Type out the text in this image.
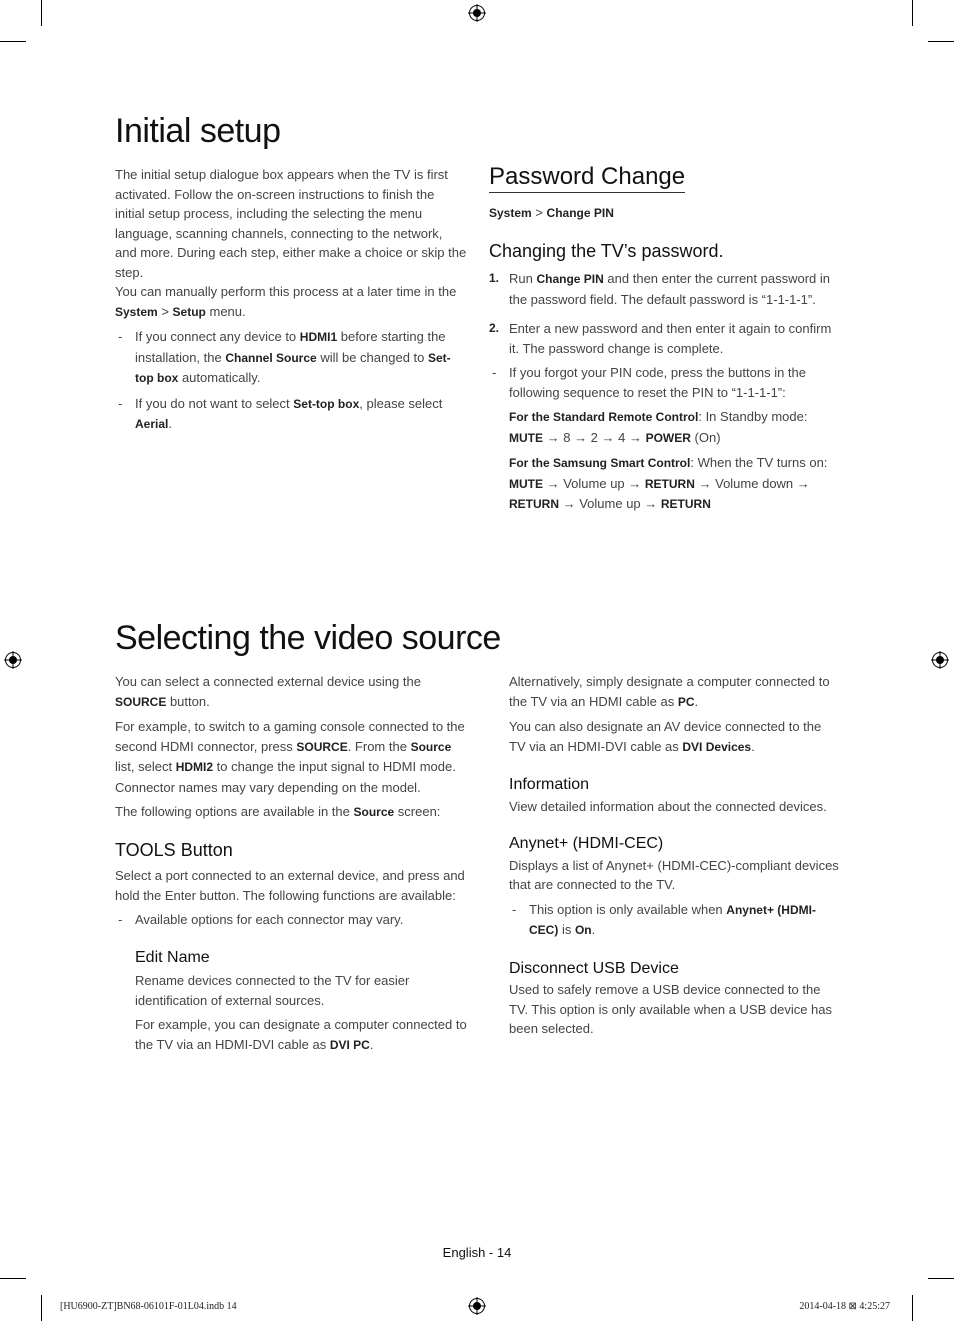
Initial setup

The initial setup dialogue box appears when the TV is first activated. Follow the on-screen instructions to finish the initial setup process, including the selecting the menu language, scanning channels, connecting to the network, and more. During each step, either make a choice or skip the step.
You can manually perform this process at a later time in the System > Setup menu.

- If you connect any device to HDMI1 before starting the installation, the Channel Source will be changed to Set-top box automatically.
- If you do not want to select Set-top box, please select Aerial.
Password Change

System > Change PIN

Changing the TV’s password.
1. Run Change PIN and then enter the current password in the password field. The default password is “1-1-1-1”.
2. Enter a new password and then enter it again to confirm it. The password change is complete.
- If you forgot your PIN code, press the buttons in the following sequence to reset the PIN to “1-1-1-1”:

For the Standard Remote Control: In Standby mode: MUTE → 8 → 2 → 4 → POWER (On)

For the Samsung Smart Control: When the TV turns on: MUTE → Volume up → RETURN → Volume down → RETURN → Volume up → RETURN

Selecting the video source

You can select a connected external device using the SOURCE button.

For example, to switch to a gaming console connected to the second HDMI connector, press SOURCE. From the Source list, select HDMI2 to change the input signal to HDMI mode. Connector names may vary depending on the model.

The following options are available in the Source screen:

TOOLS Button

Select a port connected to an external device, and press and hold the Enter button. The following functions are available:

- Available options for each connector may vary.
Edit Name

Rename devices connected to the TV for easier identification of external sources.

For example, you can designate a computer connected to the TV via an HDMI-DVI cable as DVI PC.

Alternatively, simply designate a computer connected to the TV via an HDMI cable as PC.

You can also designate an AV device connected to the TV via an HDMI-DVI cable as DVI Devices.

Information

View detailed information about the connected devices.

Anynet+ (HDMI-CEC)

Displays a list of Anynet+ (HDMI-CEC)-compliant devices that are connected to the TV.

- This option is only available when Anynet+ (HDMI-CEC) is On.
Disconnect USB Device

Used to safely remove a USB device connected to the TV. This option is only available when a USB device has been selected.

English - 14
[HU6900-ZT]BN68-06101F-01L04.indb 14	2014-04-18 ⊠ 4:25:27
